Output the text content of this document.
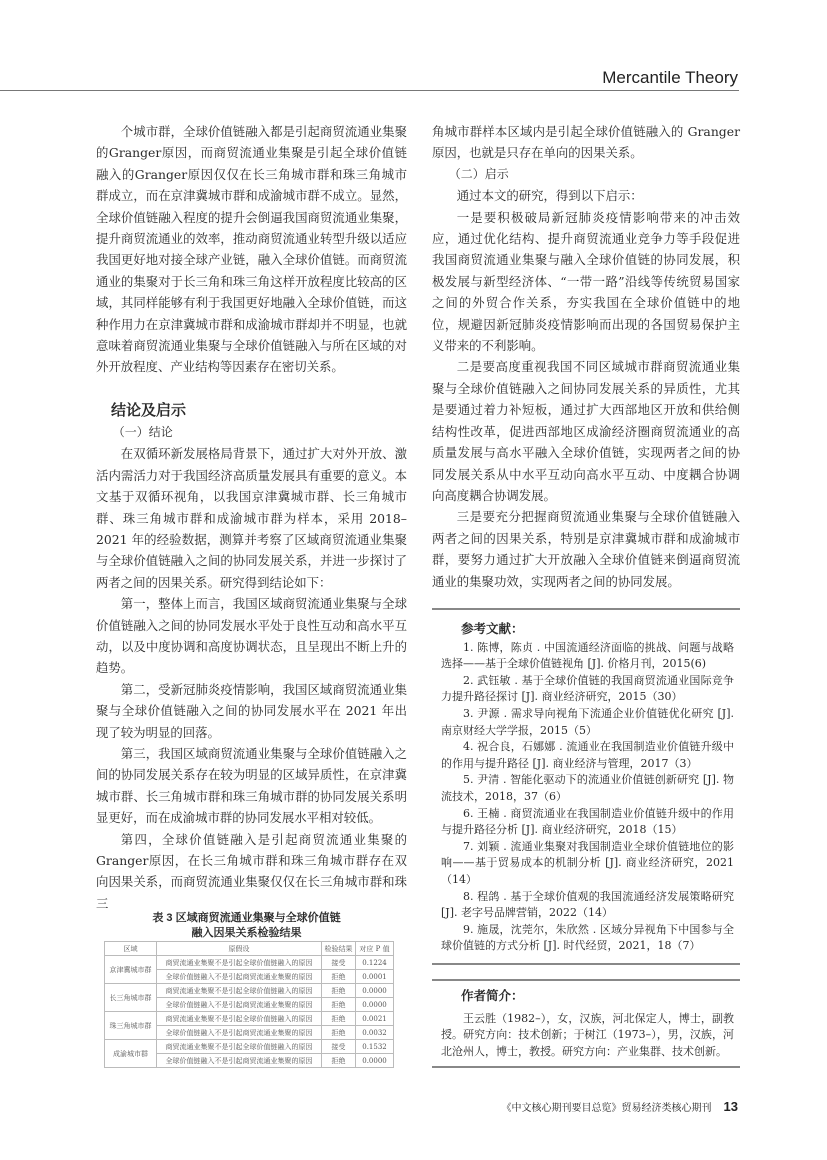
Mercantile Theory

个城市群，全球价值链融入都是引起商贸流通业集聚的Granger原因，而商贸流通业集聚是引起全球价值链融入的Granger原因仅仅在长三角城市群和珠三角城市群成立，而在京津冀城市群和成渝城市群不成立。显然，全球价值链融入程度的提升会倒逼我国商贸流通业集聚，提升商贸流通业的效率，推动商贸流通业转型升级以适应我国更好地对接全球产业链，融入全球价值链。而商贸流通业的集聚对于长三角和珠三角这样开放程度比较高的区域，其同样能够有利于我国更好地融入全球价值链，而这种作用力在京津冀城市群和成渝城市群却并不明显，也就意味着商贸流通业集聚与全球价值链融入与所在区域的对外开放程度、产业结构等因素存在密切关系。

结论及启示
（一）结论

在双循环新发展格局背景下，通过扩大对外开放、激活内需活力对于我国经济高质量发展具有重要的意义。本文基于双循环视角，以我国京津冀城市群、长三角城市群、珠三角城市群和成渝城市群为样本，采用 2018–2021 年的经验数据，测算并考察了区域商贸流通业集聚与全球价值链融入之间的协同发展关系，并进一步探讨了两者之间的因果关系。研究得到结论如下：

第一，整体上而言，我国区域商贸流通业集聚与全球价值链融入之间的协同发展水平处于良性互动和高水平互动，以及中度协调和高度协调状态，且呈现出不断上升的趋势。

第二，受新冠肺炎疫情影响，我国区域商贸流通业集聚与全球价值链融入之间的协同发展水平在 2021 年出现了较为明显的回落。

第三，我国区域商贸流通业集聚与全球价值链融入之间的协同发展关系存在较为明显的区域异质性，在京津冀城市群、长三角城市群和珠三角城市群的协同发展关系明显更好，而在成渝城市群的协同发展水平相对较低。

第四，全球价值链融入是引起商贸流通业集聚的Granger原因，在长三角城市群和珠三角城市群存在双向因果关系，而商贸流通业集聚仅仅在长三角城市群和珠三

表 3 区域商贸流通业集聚与全球价值链
融入因果关系检验结果
区域	原假设	检验结果	对应 P 值
京津冀城市群	商贸流通业集聚不是引起全球价值链融入的原因	接受	0.1224
	全球价值链融入不是引起商贸流通业集聚的原因	拒绝	0.0001
长三角城市群	商贸流通业集聚不是引起全球价值链融入的原因	拒绝	0.0000
	全球价值链融入不是引起商贸流通业集聚的原因	拒绝	0.0000
珠三角城市群	商贸流通业集聚不是引起全球价值链融入的原因	拒绝	0.0021
	全球价值链融入不是引起商贸流通业集聚的原因	拒绝	0.0032
成渝城市群	商贸流通业集聚不是引起全球价值链融入的原因	接受	0.1532
	全球价值链融入不是引起商贸流通业集聚的原因	拒绝	0.0000

角城市群样本区域内是引起全球价值链融入的 Granger 原因，也就是只存在单向的因果关系。

（二）启示

通过本文的研究，得到以下启示：

一是要积极破局新冠肺炎疫情影响带来的冲击效应，通过优化结构、提升商贸流通业竞争力等手段促进我国商贸流通业集聚与融入全球价值链的协同发展，积极发展与新型经济体、“一带一路”沿线等传统贸易国家之间的外贸合作关系，夯实我国在全球价值链中的地位，规避因新冠肺炎疫情影响而出现的各国贸易保护主义带来的不利影响。

二是要高度重视我国不同区域城市群商贸流通业集聚与全球价值链融入之间协同发展关系的异质性，尤其是要通过着力补短板，通过扩大西部地区开放和供给侧结构性改革，促进西部地区成渝经济圈商贸流通业的高质量发展与高水平融入全球价值链，实现两者之间的协同发展关系从中水平互动向高水平互动、中度耦合协调向高度耦合协调发展。

三是要充分把握商贸流通业集聚与全球价值链融入两者之间的因果关系，特别是京津冀城市群和成渝城市群，要努力通过扩大开放融入全球价值链来倒逼商贸流通业的集聚功效，实现两者之间的协同发展。

参考文献：

1. 陈博，陈贞 . 中国流通经济面临的挑战、问题与战略选择——基于全球价值链视角 [J]. 价格月刊，2015(6)

2. 武钰敏 . 基于全球价值链的我国商贸流通业国际竞争力提升路径探讨 [J]. 商业经济研究，2015（30）

3. 尹源 . 需求导向视角下流通企业价值链优化研究 [J]. 南京财经大学学报，2015（5）

4. 祝合良，石娜娜 . 流通业在我国制造业价值链升级中的作用与提升路径 [J]. 商业经济与管理，2017（3）

5. 尹清 . 智能化驱动下的流通业价值链创新研究 [J]. 物流技术，2018，37（6）

6. 王楠 . 商贸流通业在我国制造业价值链升级中的作用与提升路径分析 [J]. 商业经济研究，2018（15）

7. 刘颖 . 流通业集聚对我国制造业全球价值链地位的影响——基于贸易成本的机制分析 [J]. 商业经济研究，2021（14）

8. 程鸽 . 基于全球价值观的我国流通经济发展策略研究 [J]. 老字号品牌营销，2022（14）

9. 施晟，沈莞尔，朱欣然 . 区域分异视角下中国参与全球价值链的方式分析 [J]. 时代经贸，2021，18（7）

作者简介：

王云胜（1982–），女，汉族，河北保定人，博士，副教授。研究方向：技术创新；于树江（1973–），男，汉族，河北沧州人，博士，教授。研究方向：产业集群、技术创新。

《中文核心期刊要目总览》贸易经济类核心期刊 13
